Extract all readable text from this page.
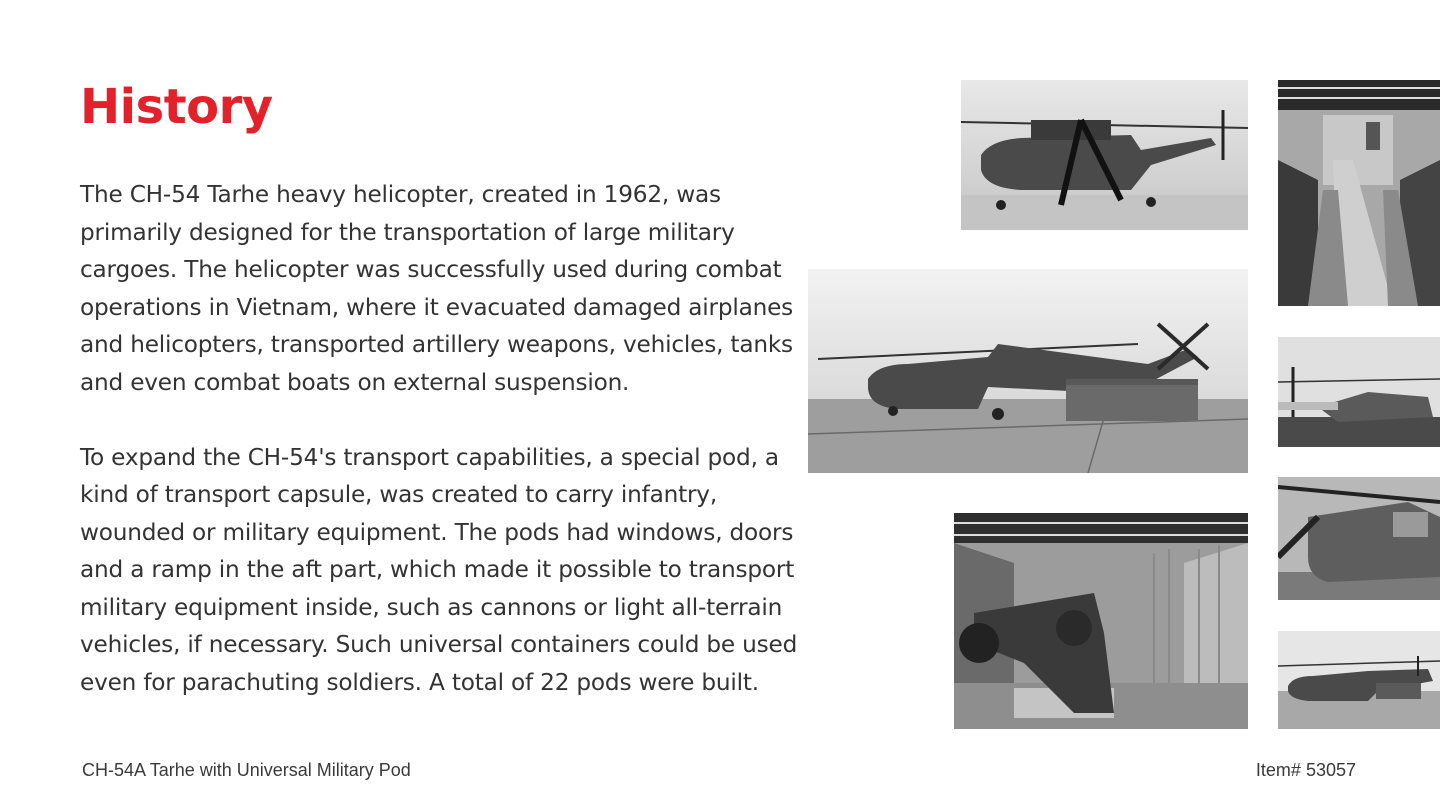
History

The CH-54 Tarhe heavy helicopter, created in 1962, was primarily designed for the transportation of large military cargoes. The helicopter was successfully used during combat operations in Vietnam, where it evacuated damaged airplanes and helicopters, transported artillery weapons, vehicles, tanks and even combat boats on external suspension.

To expand the CH-54's transport capabilities, a special pod, a kind of transport capsule, was created to carry infantry, wounded or military equipment. The pods had windows, doors and a ramp in the aft part, which made it possible to transport military equipment inside, such as cannons or light all-terrain vehicles, if necessary. Such universal containers could be used even for parachuting soldiers. A total of 22 pods were built.

CH-54A Tarhe with Universal Military Pod	Item# 53057
